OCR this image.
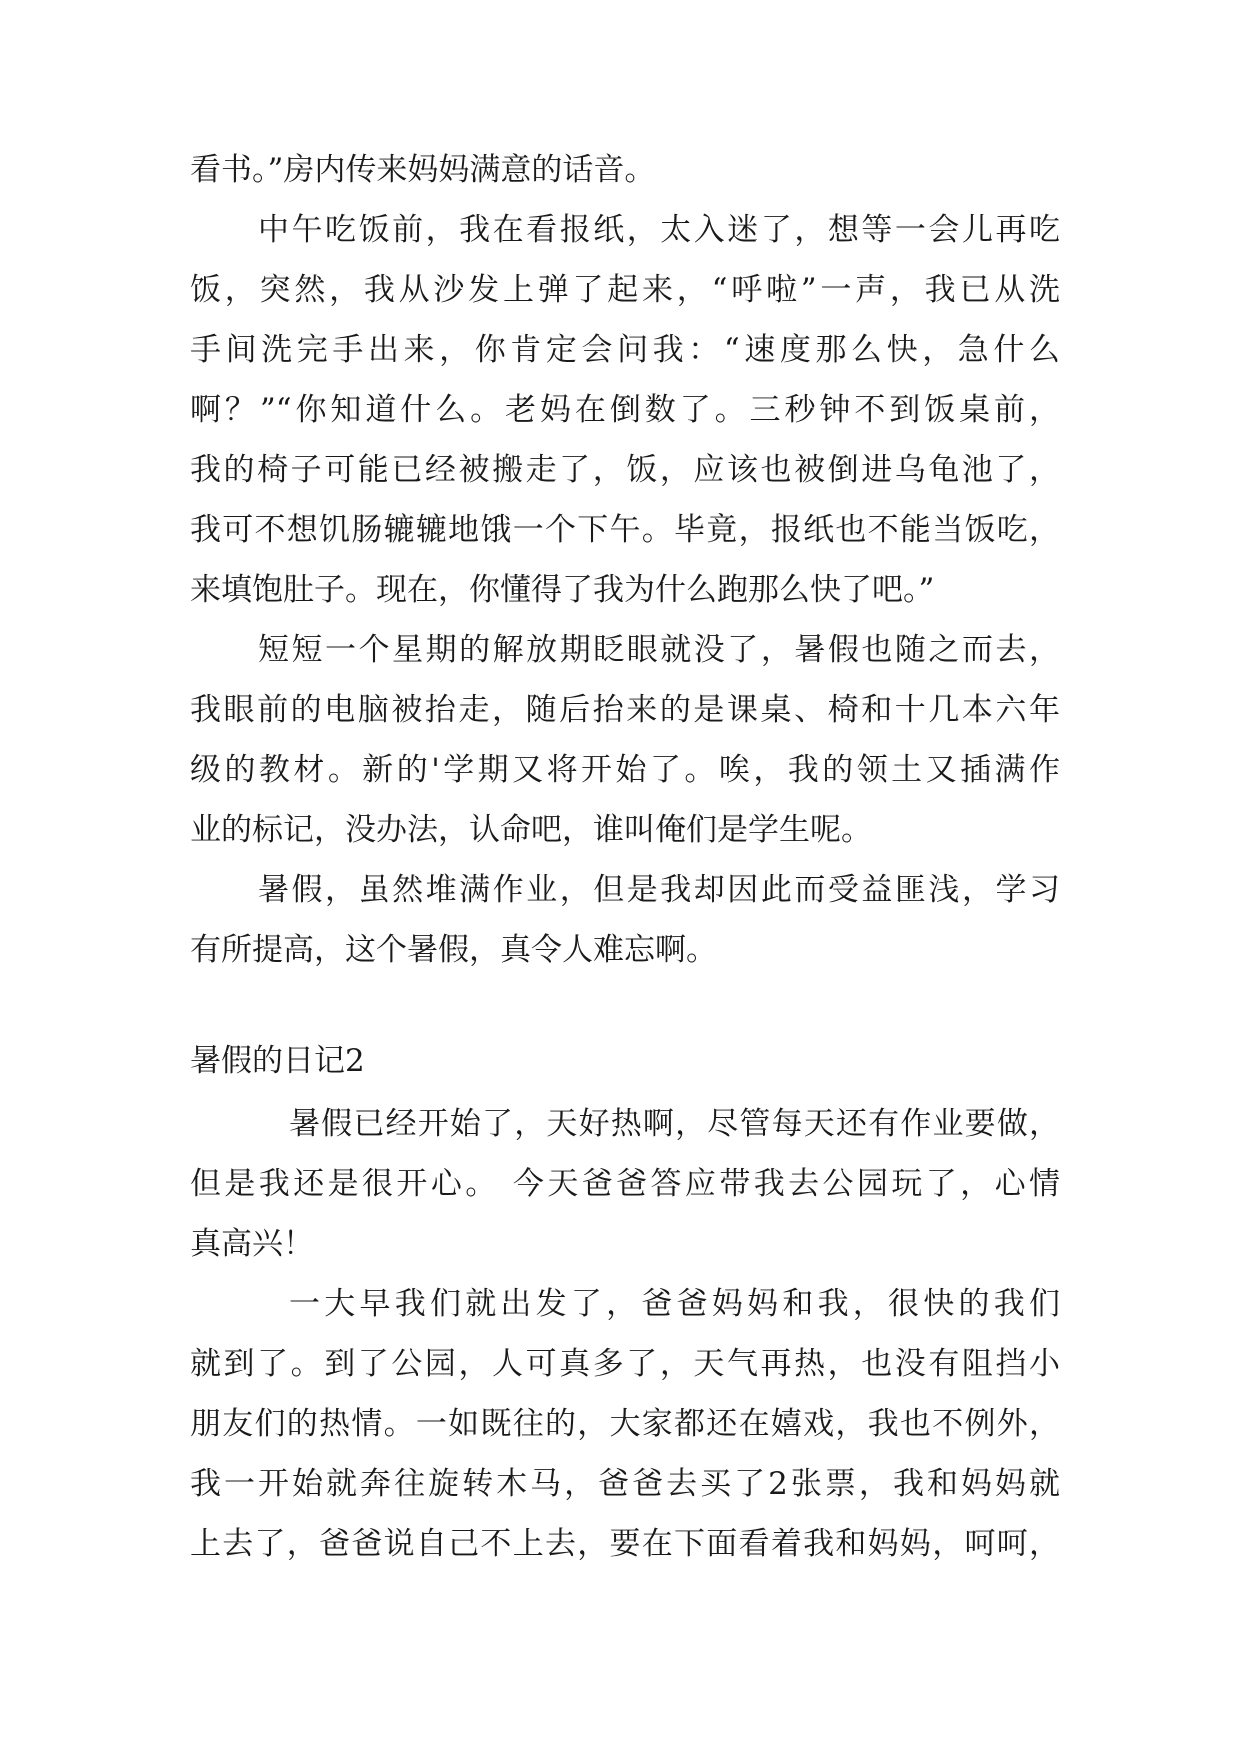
看书。”房内传来妈妈满意的话音。
中午吃饭前，我在看报纸，太入迷了，想等一会儿再吃
饭，突然，我从沙发上弹了起来，“呼啦”一声，我已从洗
手间洗完手出来，你肯定会问我：“速度那么快，急什么
啊？”“你知道什么。老妈在倒数了。三秒钟不到饭桌前，
我的椅子可能已经被搬走了，饭，应该也被倒进乌龟池了，
我可不想饥肠辘辘地饿一个下午。毕竟，报纸也不能当饭吃，
来填饱肚子。现在，你懂得了我为什么跑那么快了吧。”
短短一个星期的解放期眨眼就没了，暑假也随之而去，
我眼前的电脑被抬走，随后抬来的是课桌、椅和十几本六年
级的教材。新的'学期又将开始了。唉，我的领土又插满作
业的标记，没办法，认命吧，谁叫俺们是学生呢。
暑假，虽然堆满作业，但是我却因此而受益匪浅，学习
有所提高，这个暑假，真令人难忘啊。
暑假的日记2
暑假已经开始了，天好热啊，尽管每天还有作业要做，
但是我还是很开心。 今天爸爸答应带我去公园玩了，心情
真高兴！
一大早我们就出发了，爸爸妈妈和我，很快的我们
就到了。到了公园，人可真多了，天气再热，也没有阻挡小
朋友们的热情。一如既往的，大家都还在嬉戏，我也不例外，
我一开始就奔往旋转木马，爸爸去买了2张票，我和妈妈就
上去了，爸爸说自己不上去，要在下面看着我和妈妈，呵呵，
